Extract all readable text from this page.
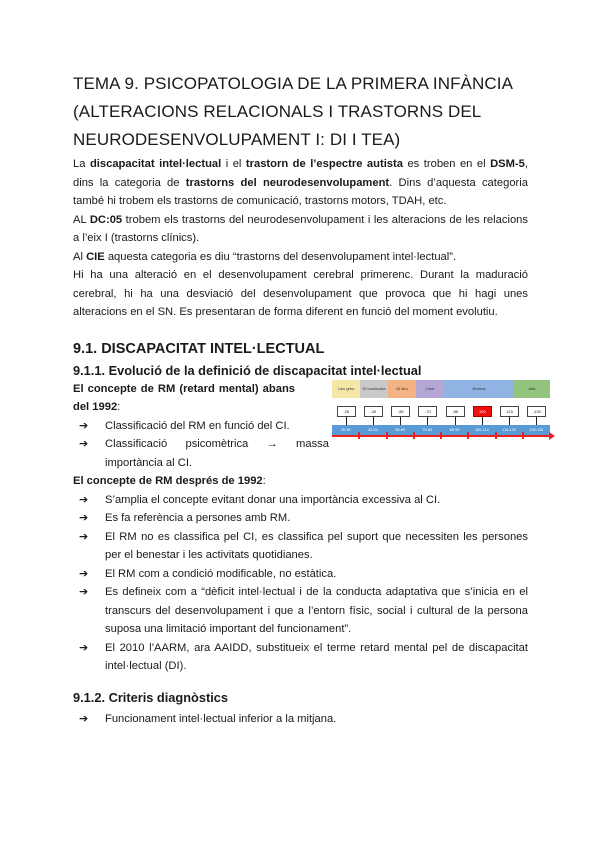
TEMA 9. PSICOPATOLOGIA DE LA PRIMERA INFÀNCIA
(ALTERACIONS RELACIONALS I TRASTORNS DEL
NEURODESENVOLUPAMENT I: DI I TEA)

La discapacitat intel·lectual i el trastorn de l’espectre autista es troben en el DSM-5, dins la categoria de trastorns del neurodesenvolupament. Dins d’aquesta categoria també hi trobem els trastorns de comunicació, trastorns motors, TDAH, etc.

AL DC:05 trobem els trastorns del neurodesenvolupament i les alteracions de les relacions a l’eix I (trastorns clínics).

Al CIE aquesta categoria es diu “trastorns del desenvolupament intel·lectual”.

Hi ha una alteració en el desenvolupament cerebral primerenc. Durant la maduració cerebral, hi ha una desviació del desenvolupament que provoca que hi hagi unes alteracions en el SN. Es presentaran de forma diferent en funció del moment evolutiu.

9.1. DISCAPACITAT INTEL·LECTUAL
9.1.1. Evolució de la definició de discapacitat intel·lectual
Lleu greu	DI moderada	DI lleu	Límit	Normal	Alta
-25	-40	-55	-70	-85	100	115	-130
25-39	40-54	55-69	70-84	85-99	100-114	115-129	130-145

El concepte de RM (retard mental) abans del 1992:

➔ Classificació del RM en funció del CI.
➔ Classificació psicomètrica → massa importància al CI.

El concepte de RM després de 1992:

➔ S’amplia el concepte evitant donar una importància excessiva al CI.
➔ Es fa referència a persones amb RM.
➔ El RM no es classifica pel CI, es classifica pel suport que necessiten les persones per el benestar i les activitats quotidianes.
➔ El RM com a condició modificable, no estàtica.
➔ Es defineix com a “dèficit intel·lectual i de la conducta adaptativa que s’inicia en el transcurs del desenvolupament i que a l’entorn físic, social i cultural de la persona suposa una limitació important del funcionament”.
➔ El 2010 l’AARM, ara AAIDD, substitueix el terme retard mental pel de discapacitat intel·lectual (DI).
9.1.2. Criteris diagnòstics
➔ Funcionament intel·lectual inferior a la mitjana.
